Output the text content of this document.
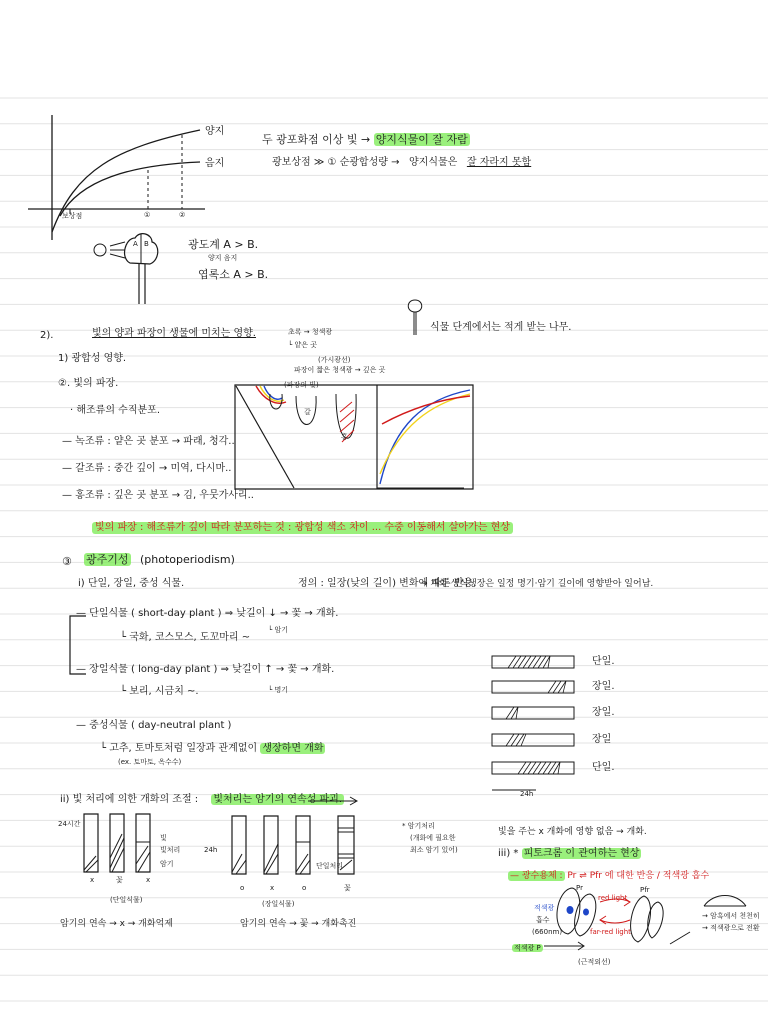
양지
음지
보상점	①	②
두 광포화점 이상 빛 → 양지식물이 잘 자람
광보상점 ≫ ① 순광합성량 → 양지식물은 잘 자라지 못함
A B	광도계 A > B.
양지 음지
엽록소 A > B.
2).	빛의 양과 파장이 생물에 미치는 영향.
1) 광합성 영향.
②. 빛의 파장.
· 해조류의 수직분포.
— 녹조류 : 얕은 곳 분포 → 파래, 청각..
— 갈조류 : 중간 깊이 → 미역, 다시마..
— 홍조류 : 깊은 곳 분포 → 김, 우뭇가사리..
초록 → 청색광
└ 얕은 곳
(가시광선)
파장이 짧은 청색광 → 깊은 곳
식물 단계에서는 적게 받는 나무.
(파장의 빛)
갈
홍
빛의 파장 : 해조류가 깊이 따라 분포하는 것 : 광합성 색소 차이 ... 수중 이동해서 살아가는 현상
③ 광주기성 (photoperiodism)
i) 단일, 장일, 중성 식물.	정의 : 일장(낮의 길이) 변화에 따른 반응.
→ 개화·생식생장은 일정 명기·암기 길이에 영향받아 일어남.
— 단일식물 ( short-day plant ) ⇒ 낮길이 ↓ → 꽃 → 개화.
└ 암기
└ 국화, 코스모스, 도꼬마리 ~
— 장일식물 ( long-day plant ) ⇒ 낮길이 ↑ → 꽃 → 개화.
└ 명기
└ 보리, 시금치 ~.
— 중성식물 ( day-neutral plant )
└ 고추, 토마토처럼 일장과 관계없이 생장하면 개화
(ex. 토마토, 옥수수)
ii) 빛 처리에 의한 개화의 조절 : 빛처리는 암기의 연속성 파괴.
단일.
장일.
장일.
장일
단일.
24h
24시간
x	꽃	x
빛
빛처리
암기
(단일식물)
암기의 연속 → x → 개화억제
24h
o	x	o	꽃
단일처리
(장일식물)
암기의 연속 → 꽃 → 개화촉진
* 암기처리
(개화에 필요한
최소 암기 있어)
빛을 주는 x 개화에 영향 없음 → 개화.
iii) * 피토크롬 이 관여하는 현상
— 광수용체 : Pr ⇌ Pfr 에 대한 반응 / 적색광 흡수
Pr	Pfr
red light
far-red light
적색광
흡수
(660nm)
적색광 P
(근적외선)
→ 암흑에서 천천히
→ 적색광으로 전환
